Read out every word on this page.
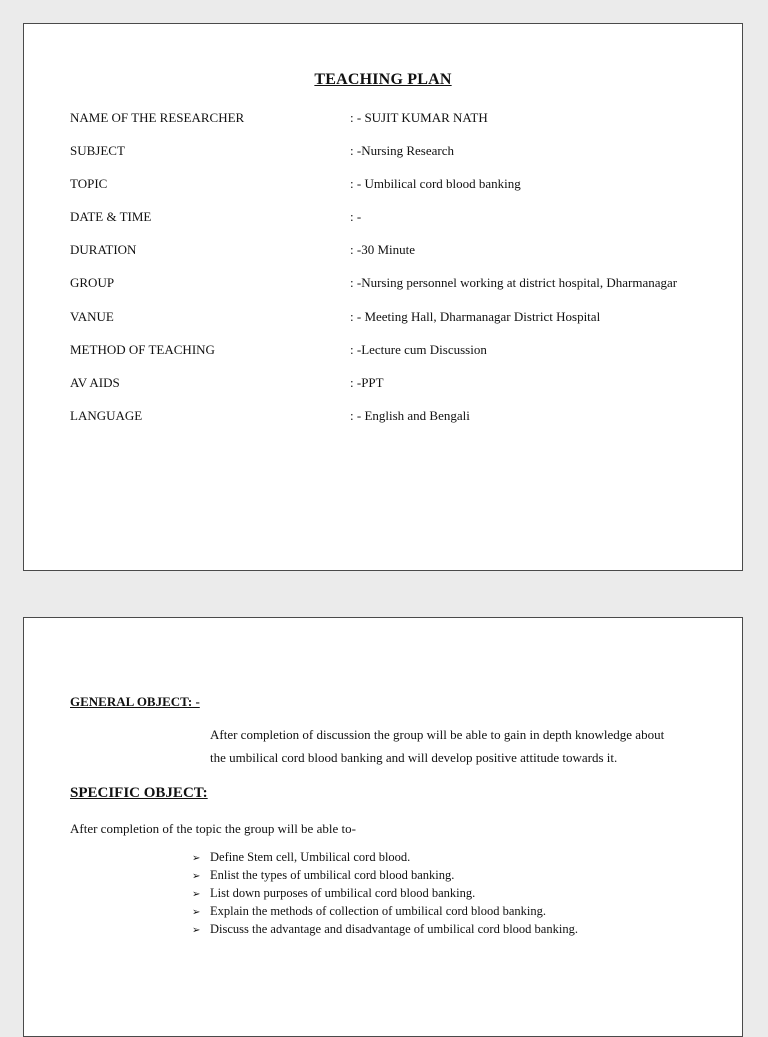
TEACHING PLAN
NAME OF THE RESEARCHER	: - SUJIT KUMAR NATH
SUBJECT	: -Nursing Research
TOPIC	: - Umbilical cord blood banking
DATE & TIME	: -
DURATION	: -30 Minute
GROUP	: -Nursing personnel working at district hospital, Dharmanagar
VANUE	: - Meeting Hall, Dharmanagar District Hospital
METHOD OF TEACHING	: -Lecture cum Discussion
AV AIDS	: -PPT
LANGUAGE	: - English and Bengali
GENERAL OBJECT: -
After completion of discussion the group will be able to gain in depth knowledge about
the umbilical cord blood banking and will develop positive attitude towards it.
SPECIFIC OBJECT:
After completion of the topic the group will be able to-
➢ Define Stem cell, Umbilical cord blood.
➢ Enlist the types of umbilical cord blood banking.
➢ List down purposes of umbilical cord blood banking.
➢ Explain the methods of collection of umbilical cord blood banking.
➢ Discuss the advantage and disadvantage of umbilical cord blood banking.
